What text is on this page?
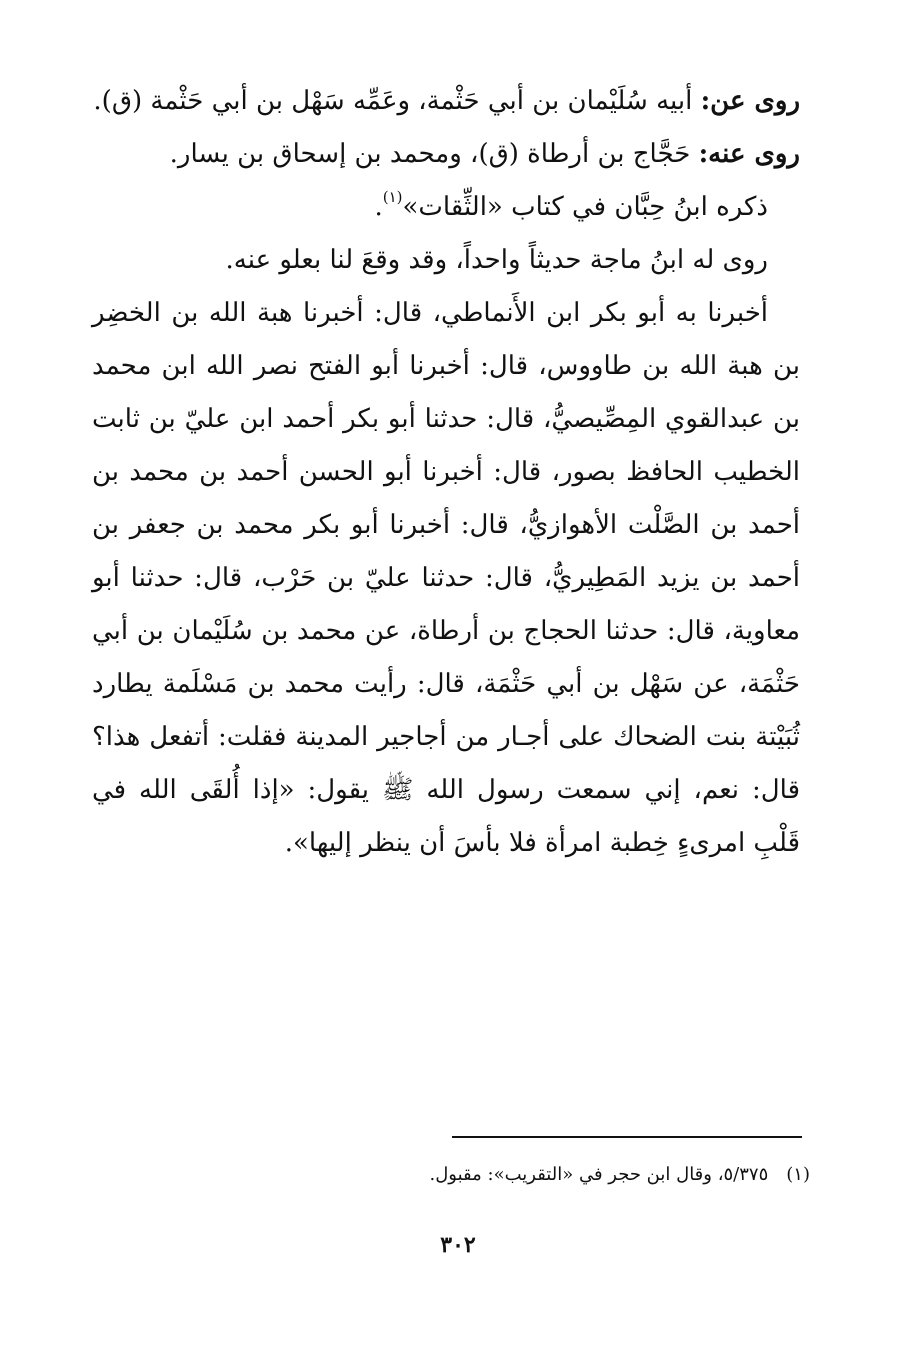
روى عن: أبيه سُلَيْمان بن أبي حَثْمة، وعَمِّه سَهْل بن أبي حَثْمة (ق).

روى عنه: حَجَّاج بن أرطاة (ق)، ومحمد بن إسحاق بن يسار.

ذكره ابنُ حِبَّان في كتاب «الثِّقات»$^{(١)}$.

روى له ابنُ ماجة حديثاً واحداً، وقد وقعَ لنا بعلو عنه.

أخبرنا به أبو بكر ابن الأَنماطي، قال: أخبرنا هبة الله بن الخضِر بن هبة الله بن طاووس، قال: أخبرنا أبو الفتح نصر الله ابن محمد بن عبدالقوي المِصِّيصيُّ، قال: حدثنا أبو بكر أحمد ابن عليّ بن ثابت الخطيب الحافظ بصور، قال: أخبرنا أبو الحسن أحمد بن محمد بن أحمد بن الصَّلْت الأهوازيُّ، قال: أخبرنا أبو بكر محمد بن جعفر بن أحمد بن يزيد المَطِيريُّ، قال: حدثنا عليّ بن حَرْب، قال: حدثنا أبو معاوية، قال: حدثنا الحجاج بن أرطاة، عن محمد بن سُلَيْمان بن أبي حَثْمَة، عن سَهْل بن أبي حَثْمَة، قال: رأيت محمد بن مَسْلَمة يطارد ثُبَيْتة بنت الضحاك على أجـار من أجاجير المدينة فقلت: أتفعل هذا؟ قال: نعم، إني سمعت رسول الله ﷺ يقول: «إذا أُلقَى الله في قَلْبِ امرىءٍ خِطبة امرأة فلا بأسَ أن ينظر إليها».

(١)٥/٣٧٥، وقال ابن حجر في «التقريب»: مقبول.
٣٠٢
